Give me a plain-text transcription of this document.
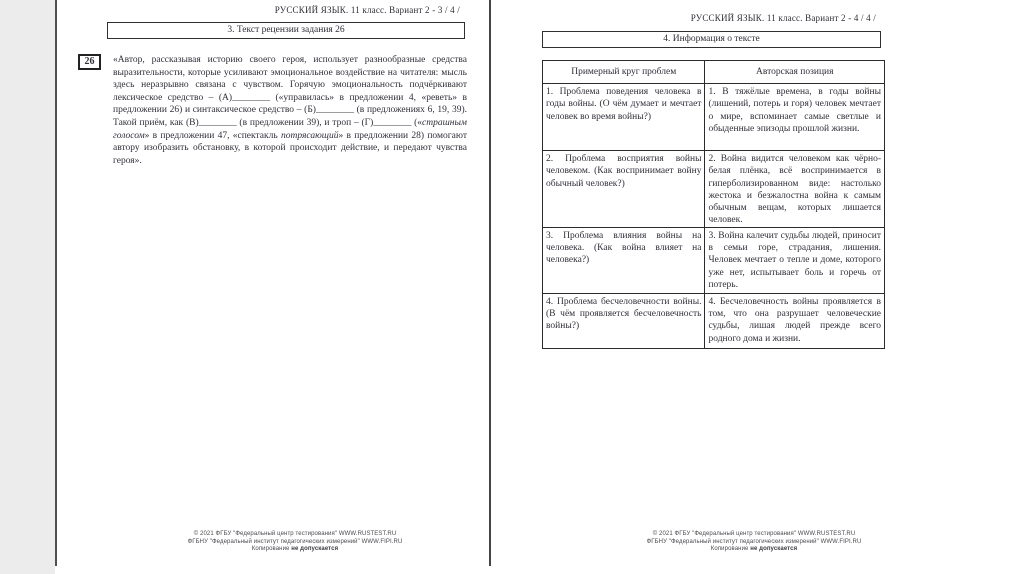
РУССКИЙ ЯЗЫК. 11 класс. Вариант 2 - 3 / 4 /
3. Текст рецензии задания 26
26	«Автор, рассказывая историю своего героя, использует разнообразные средства выразительности, которые усиливают эмоциональное воздействие на читателя: мысль здесь неразрывно связана с чувством. Горячую эмоциональность подчёркивают лексическое средство – (А)________ («управилась» в предложении 4, «реветь» в предложении 26) и синтаксическое средство – (Б)________ (в предложениях 6, 19, 39). Такой приём, как (В)________ (в предложении 39), и троп – (Г)________ («страшным голосом» в предложении 47, «спектакль потрясающий» в предложении 28) помогают автору изобразить обстановку, в которой происходит действие, и передают чувства героя».
© 2021 ФГБУ "Федеральный центр тестирования" WWW.RUSTEST.RU
ФГБНУ "Федеральный институт педагогических измерений" WWW.FIPI.RU
Копирование не допускается
РУССКИЙ ЯЗЫК. 11 класс. Вариант 2 - 4 / 4 /
4. Информация о тексте
Примерный круг проблем	Авторская позиция
1. Проблема поведения человека в годы войны. (О чём думает и мечтает человек во время войны?)	1. В тяжёлые времена, в годы войны (лишений, потерь и горя) человек мечтает о мире, вспоминает самые светлые и обыденные эпизоды прошлой жизни.
2. Проблема восприятия войны человеком. (Как воспринимает войну обычный человек?)	2. Война видится человеком как чёрно-белая плёнка, всё воспринимается в гиперболизированном виде: настолько жестока и безжалостна война к самым обычным вещам, которых лишается человек.
3. Проблема влияния войны на человека. (Как война влияет на человека?)	3. Война калечит судьбы людей, приносит в семьи горе, страдания, лишения. Человек мечтает о тепле и доме, которого уже нет, испытывает боль и горечь от потерь.
4. Проблема бесчеловечности войны. (В чём проявляется бесчеловечность войны?)	4. Бесчеловечность войны проявляется в том, что она разрушает человеческие судьбы, лишая людей прежде всего родного дома и жизни.
© 2021 ФГБУ "Федеральный центр тестирования" WWW.RUSTEST.RU
ФГБНУ "Федеральный институт педагогических измерений" WWW.FIPI.RU
Копирование не допускается
